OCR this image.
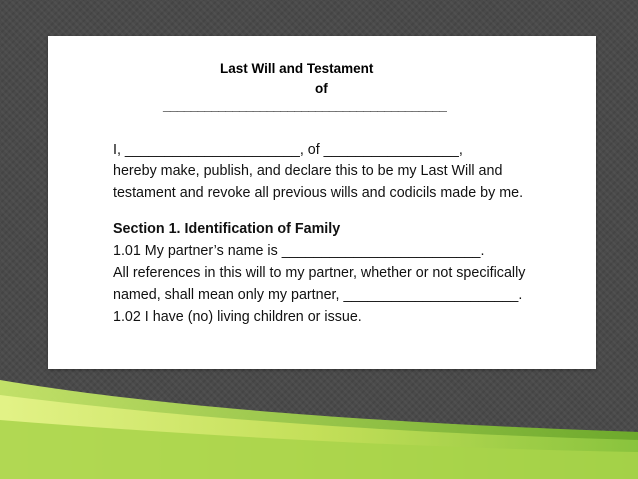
Last Will and Testament
of
_________________________________________
I, ______________________, of _________________,
hereby make, publish, and declare this to be my Last Will and
testament and revoke all previous wills and codicils made by me.
Section 1. Identification of Family
1.01 My partner’s name is _________________________.
All references in this will to my partner, whether or not specifically
named, shall mean only my partner, ______________________.
1.02 I have (no) living children or issue.
